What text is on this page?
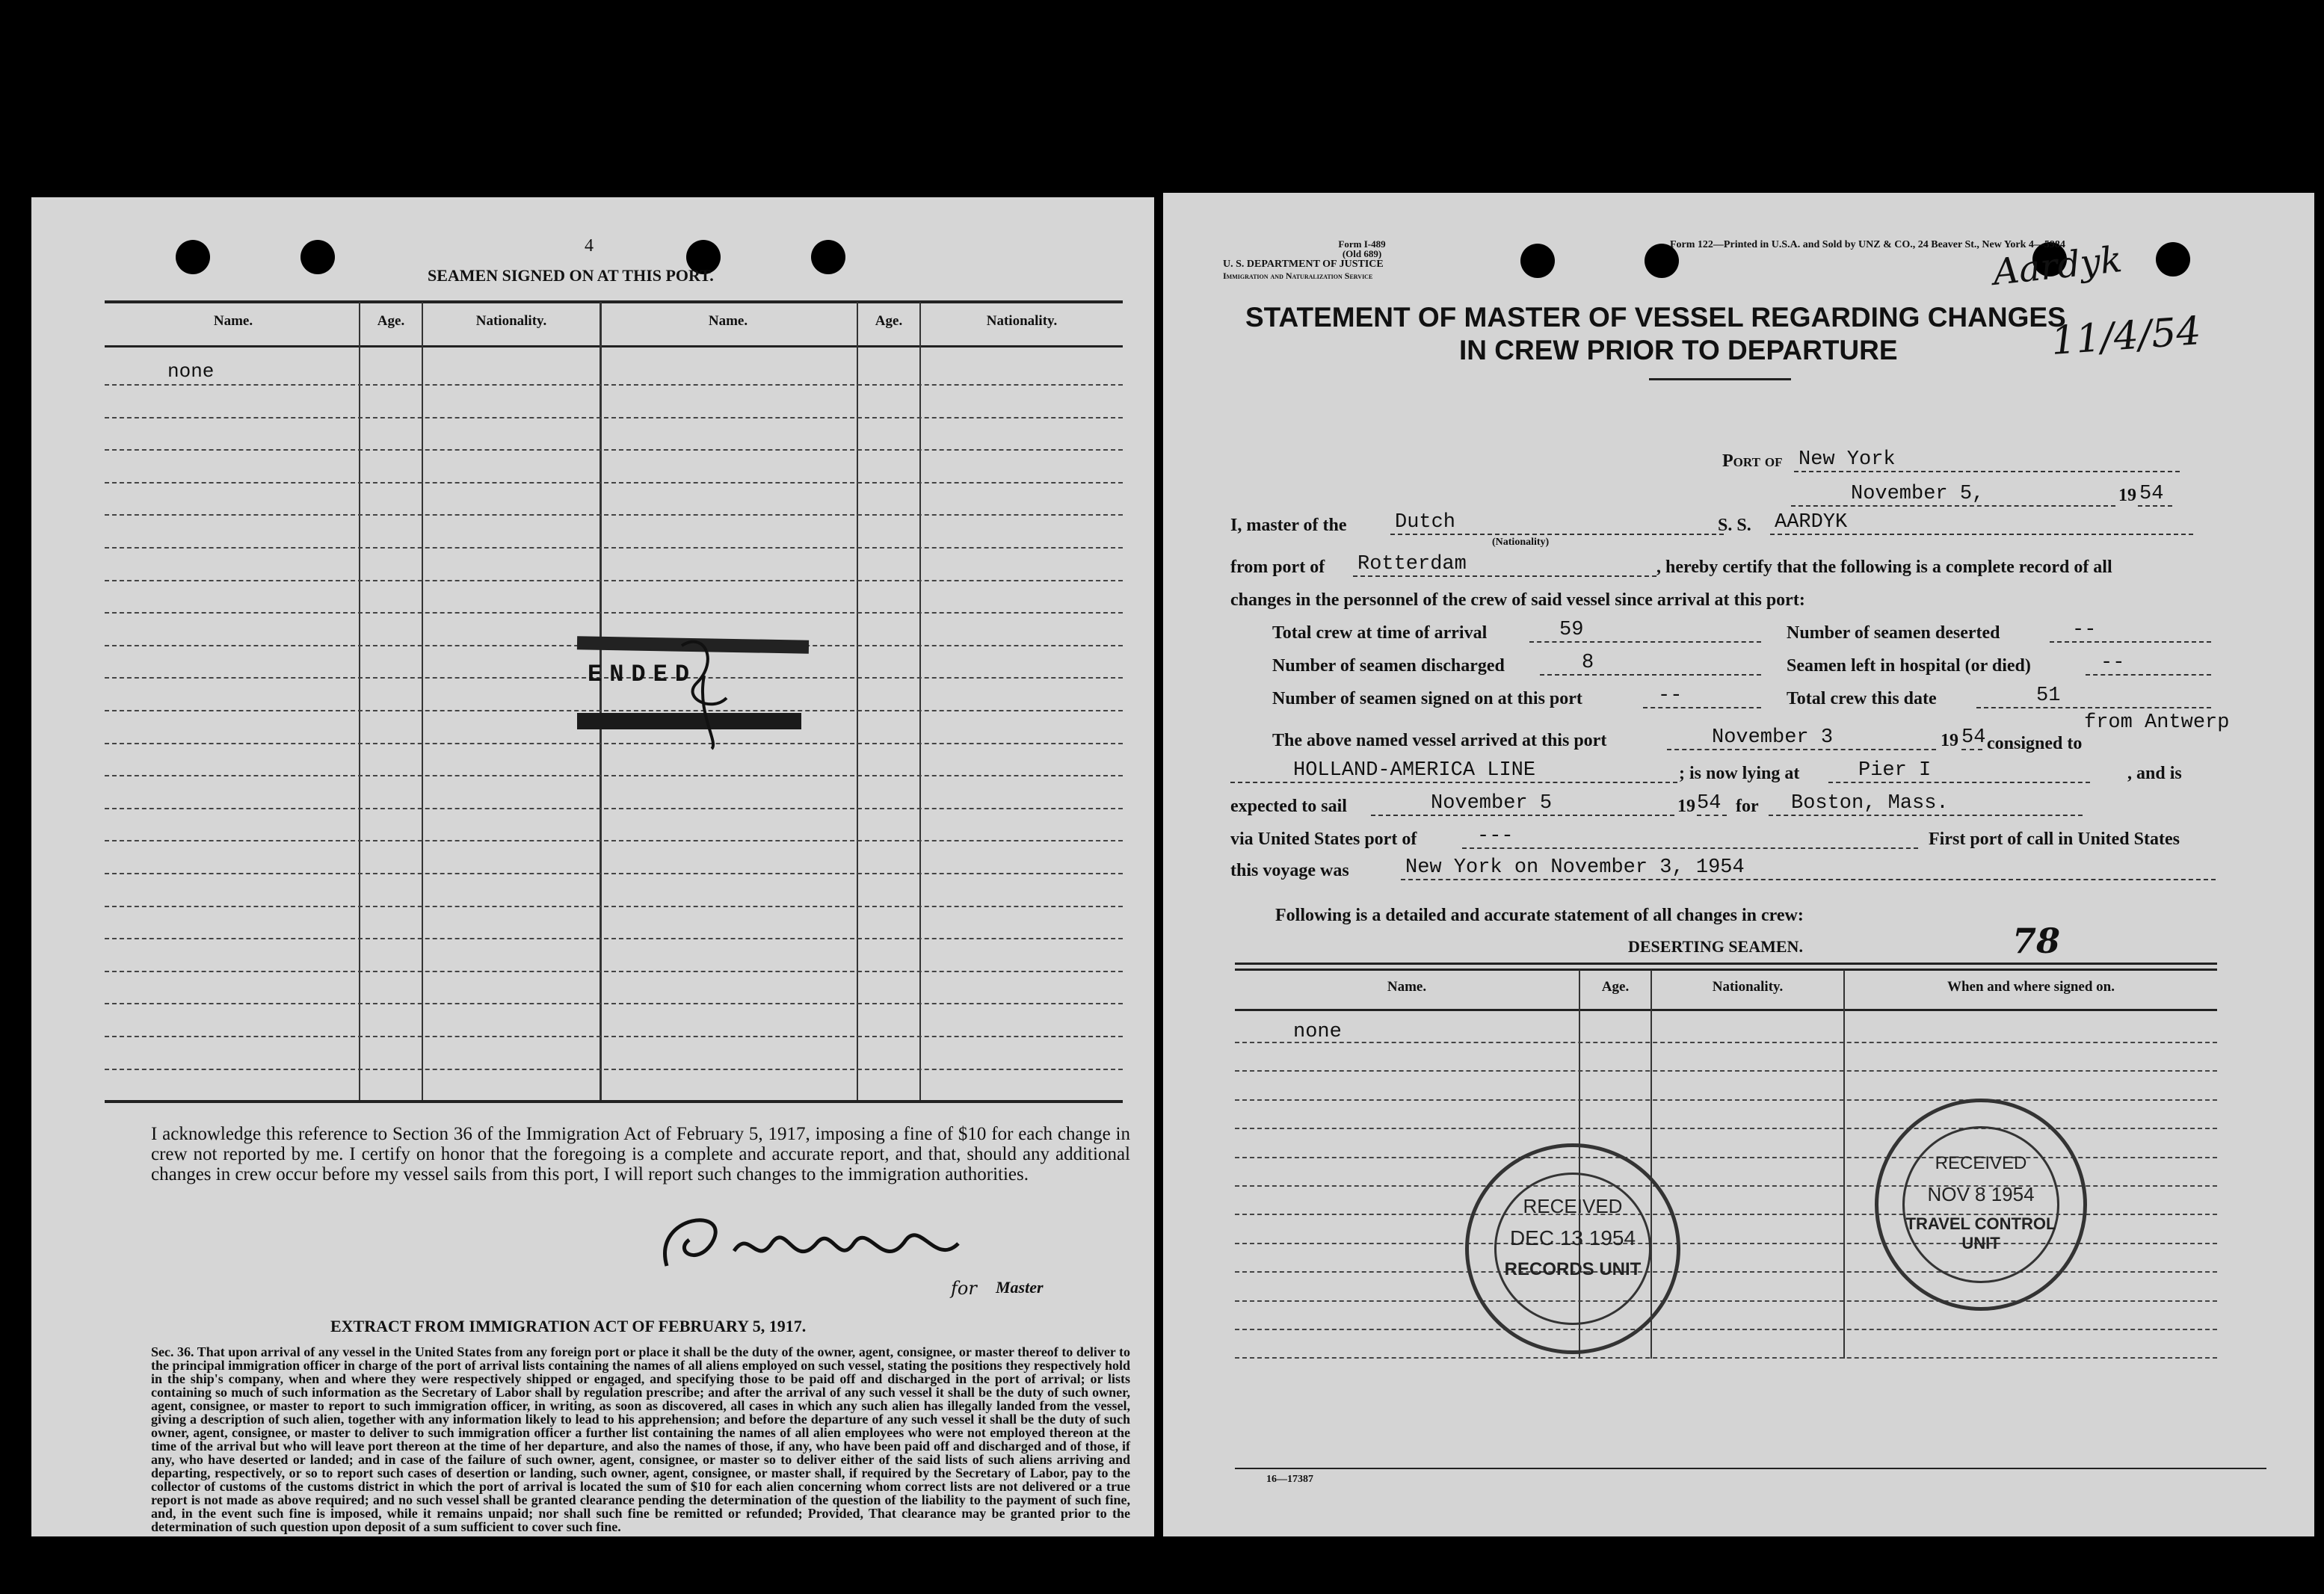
4
SEAMEN SIGNED ON AT THIS PORT.
Name.	Age.	Nationality.	Name.	Age.	Nationality.
none
ENDED
I acknowledge this reference to Section 36 of the Immigration Act of February 5, 1917, imposing a fine of $10 for each change in crew not reported by me. I certify on honor that the foregoing is a complete and accurate report, and that, should any additional changes in crew occur before my vessel sails from this port, I will report such changes to the immigration authorities.
for Master
EXTRACT FROM IMMIGRATION ACT OF FEBRUARY 5, 1917.
Sec. 36. That upon arrival of any vessel in the United States from any foreign port or place it shall be the duty of the owner, agent, consignee, or master thereof to deliver to the principal immigration officer in charge of the port of arrival lists containing the names of all aliens employed on such vessel, stating the positions they respectively hold in the ship's company, when and where they were respectively shipped or engaged, and specifying those to be paid off and discharged in the port of arrival; or lists containing so much of such information as the Secretary of Labor shall by regulation prescribe; and after the arrival of any such vessel it shall be the duty of such owner, agent, consignee, or master to report to such immigration officer, in writing, as soon as discovered, all cases in which any such alien has illegally landed from the vessel, giving a description of such alien, together with any information likely to lead to his apprehension; and before the departure of any such vessel it shall be the duty of such owner, agent, consignee, or master to deliver to such immigration officer a further list containing the names of all alien employees who were not employed thereon at the time of the arrival but who will leave port thereon at the time of her departure, and also the names of those, if any, who have been paid off and discharged and of those, if any, who have deserted or landed; and in case of the failure of such owner, agent, consignee, or master so to deliver either of the said lists of such aliens arriving and departing, respectively, or so to report such cases of desertion or landing, such owner, agent, consignee, or master shall, if required by the Secretary of Labor, pay to the collector of customs of the customs district in which the port of arrival is located the sum of $10 for each alien concerning whom correct lists are not delivered or a true report is not made as above required; and no such vessel shall be granted clearance pending the determination of the question of the liability to the payment of such fine, and, in the event such fine is imposed, while it remains unpaid; nor shall such fine be remitted or refunded; Provided, That clearance may be granted prior to the determination of such question upon deposit of a sum sufficient to cover such fine.
Form I-489
(Old 689)
U. S. DEPARTMENT OF JUSTICE
Immigration and Naturalization Service
Form 122—Printed in U.S.A. and Sold by UNZ & CO., 24 Beaver St., New York 4—5984
Aardyk
11/4/54
STATEMENT OF MASTER OF VESSEL REGARDING CHANGES
IN CREW PRIOR TO DEPARTURE
Port of New York
November 5,	19 54
I, master of the Dutch
(Nationality)
S. S. AARDYK
from port of Rotterdam	, hereby certify that the following is a complete record of all
changes in the personnel of the crew of said vessel since arrival at this port:
Total crew at time of arrival	59	Number of seamen deserted	--
Number of seamen discharged	8	Seamen left in hospital (or died)	--
Number of seamen signed on at this port	--	Total crew this date	51
The above named vessel arrived at this port	November 3	19 54
from Antwerp
consigned to
HOLLAND-AMERICA LINE	; is now lying at	Pier I	, and is
expected to sail	November 5	19 54 for	Boston, Mass.
via United States port of	---	First port of call in United States
this voyage was	New York on November 3, 1954
Following is a detailed and accurate statement of all changes in crew:
DESERTING SEAMEN.	78
Name.	Age.	Nationality.	When and where signed on.
none
RECEIVED
DEC 13 1954
RECORDS UNIT
RECEIVED
NOV 8 1954
TRAVEL CONTROL
UNIT
16—17387
